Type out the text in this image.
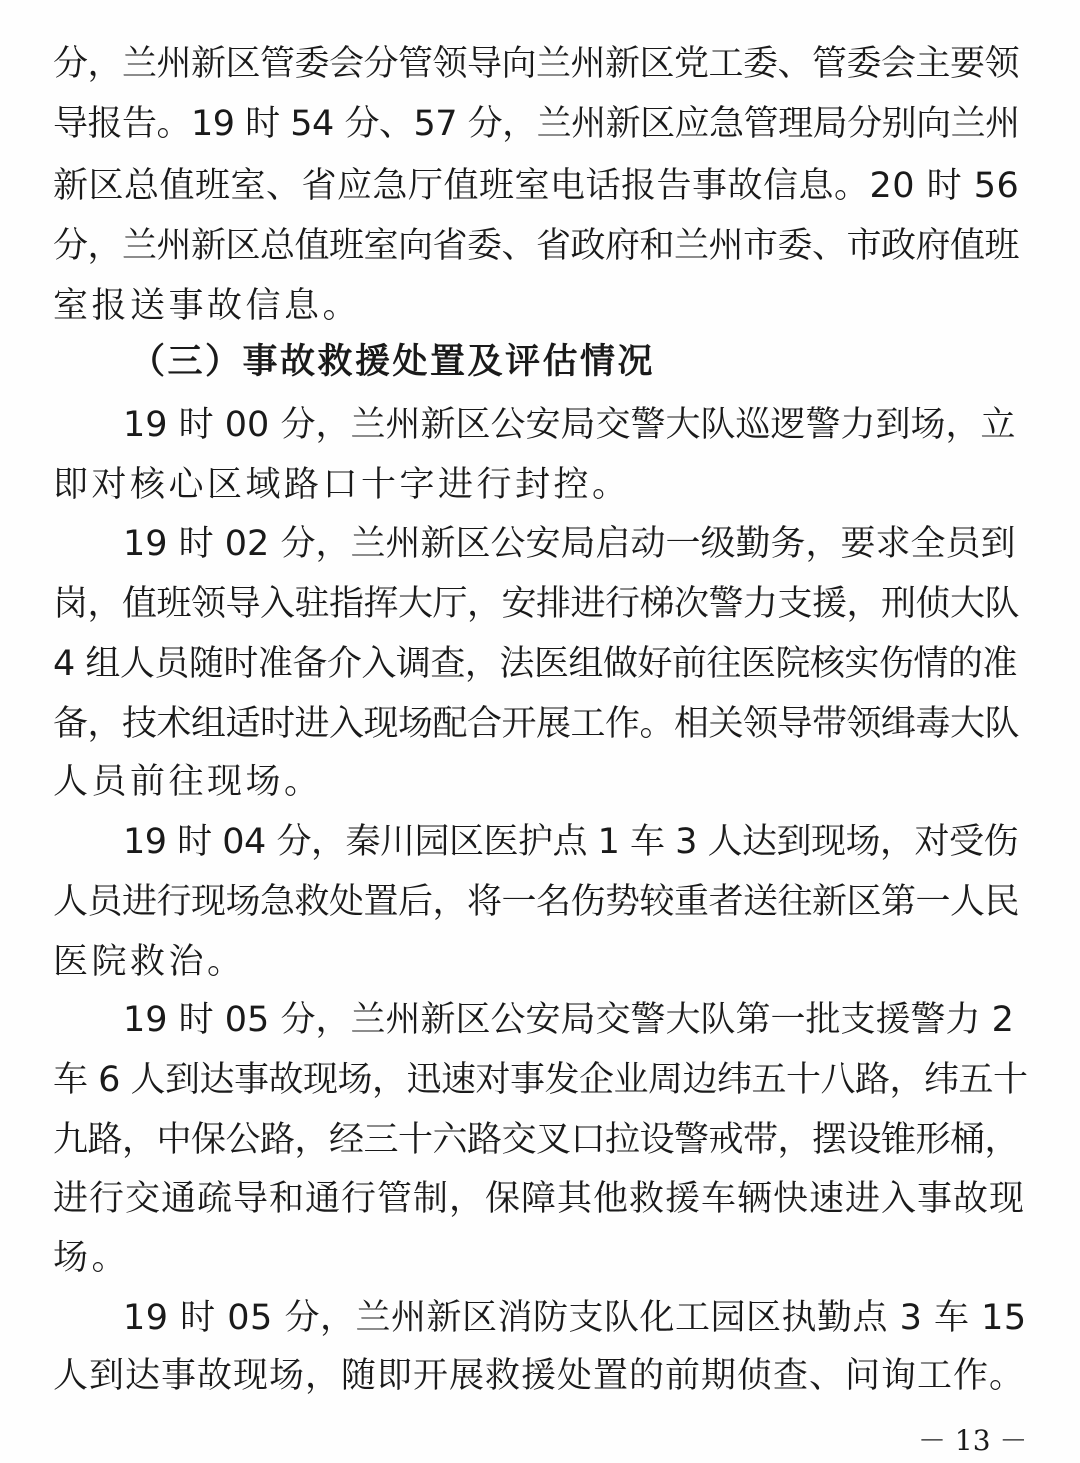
分，兰州新区管委会分管领导向兰州新区党工委、管委会主要领
导报告。19 时 54 分、57 分，兰州新区应急管理局分别向兰州
新区总值班室、省应急厅值班室电话报告事故信息。20 时 56
分，兰州新区总值班室向省委、省政府和兰州市委、市政府值班
室报送事故信息。
（三）事故救援处置及评估情况
19 时 00 分，兰州新区公安局交警大队巡逻警力到场，立
即对核心区域路口十字进行封控。
19 时 02 分，兰州新区公安局启动一级勤务，要求全员到
岗，值班领导入驻指挥大厅，安排进行梯次警力支援，刑侦大队
4 组人员随时准备介入调查，法医组做好前往医院核实伤情的准
备，技术组适时进入现场配合开展工作。相关领导带领缉毒大队
人员前往现场。
19 时 04 分，秦川园区医护点 1 车 3 人达到现场，对受伤
人员进行现场急救处置后，将一名伤势较重者送往新区第一人民
医院救治。
19 时 05 分，兰州新区公安局交警大队第一批支援警力 2
车 6 人到达事故现场，迅速对事发企业周边纬五十八路，纬五十
九路，中保公路，经三十六路交叉口拉设警戒带，摆设锥形桶，
进行交通疏导和通行管制，保障其他救援车辆快速进入事故现
场。
19 时 05 分，兰州新区消防支队化工园区执勤点 3 车 15
人到达事故现场，随即开展救援处置的前期侦查、问询工作。
－ 13 －
